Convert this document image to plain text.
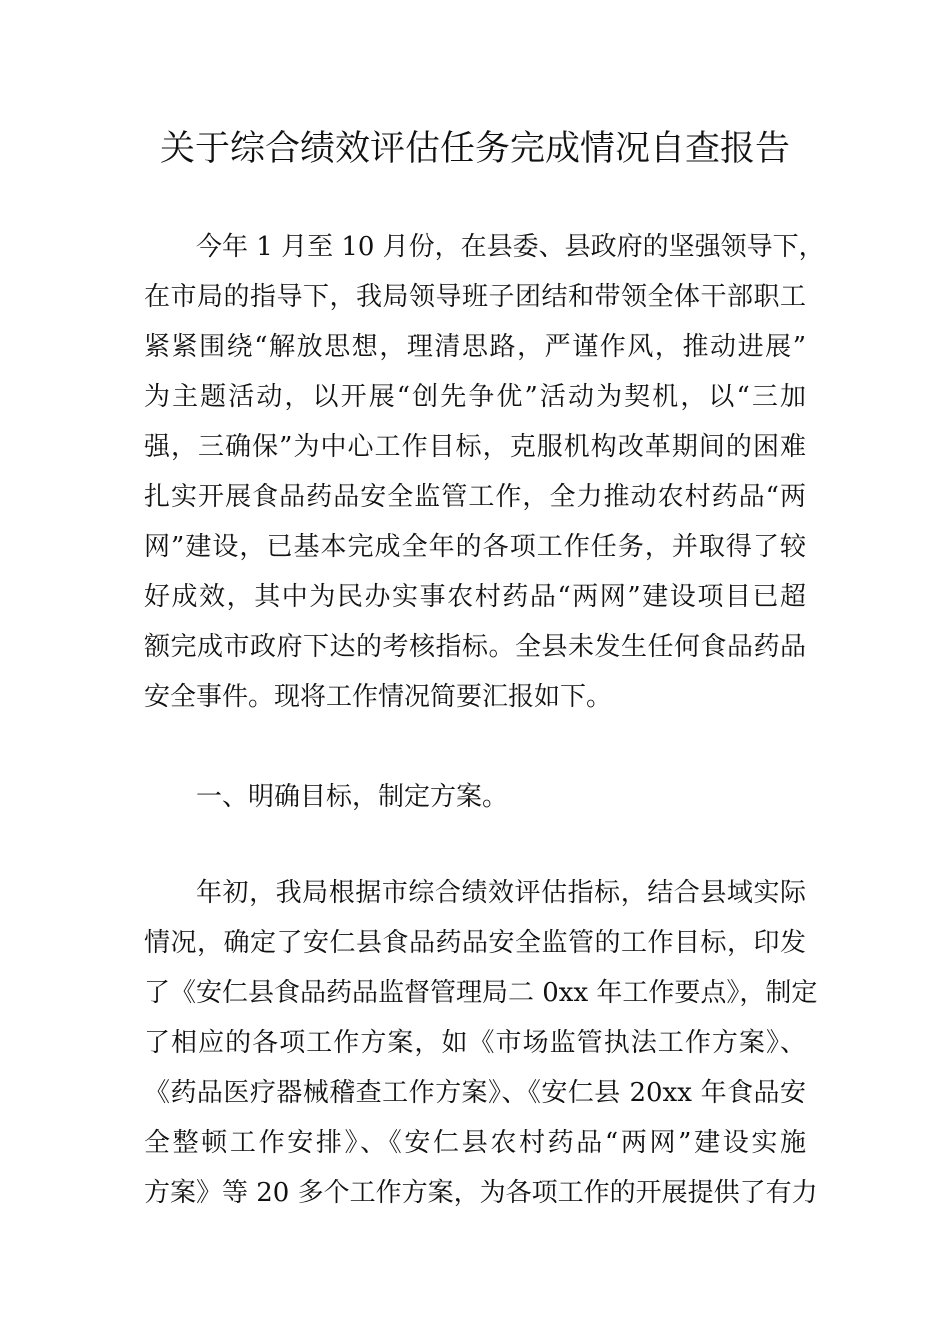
关于综合绩效评估任务完成情况自查报告
今年 1 月至 10 月份，在县委、县政府的坚强领导下，
在市局的指导下，我局领导班子团结和带领全体干部职工
紧紧围绕“解放思想，理清思路，严谨作风，推动进展”
为主题活动，以开展“创先争优”活动为契机，以“三加
强，三确保”为中心工作目标，克服机构改革期间的困难
扎实开展食品药品安全监管工作，全力推动农村药品“两
网”建设，已基本完成全年的各项工作任务，并取得了较
好成效，其中为民办实事农村药品“两网”建设项目已超
额完成市政府下达的考核指标。全县未发生任何食品药品
安全事件。现将工作情况简要汇报如下。
一、明确目标，制定方案。
年初，我局根据市综合绩效评估指标，结合县域实际
情况，确定了安仁县食品药品安全监管的工作目标，印发
了《安仁县食品药品监督管理局二 0xx 年工作要点》，制定
了相应的各项工作方案，如《市场监管执法工作方案》、
《药品医疗器械稽查工作方案》、《安仁县 20xx 年食品安
全整顿工作安排》、《安仁县农村药品“两网”建设实施
方案》等 20 多个工作方案，为各项工作的开展提供了有力
